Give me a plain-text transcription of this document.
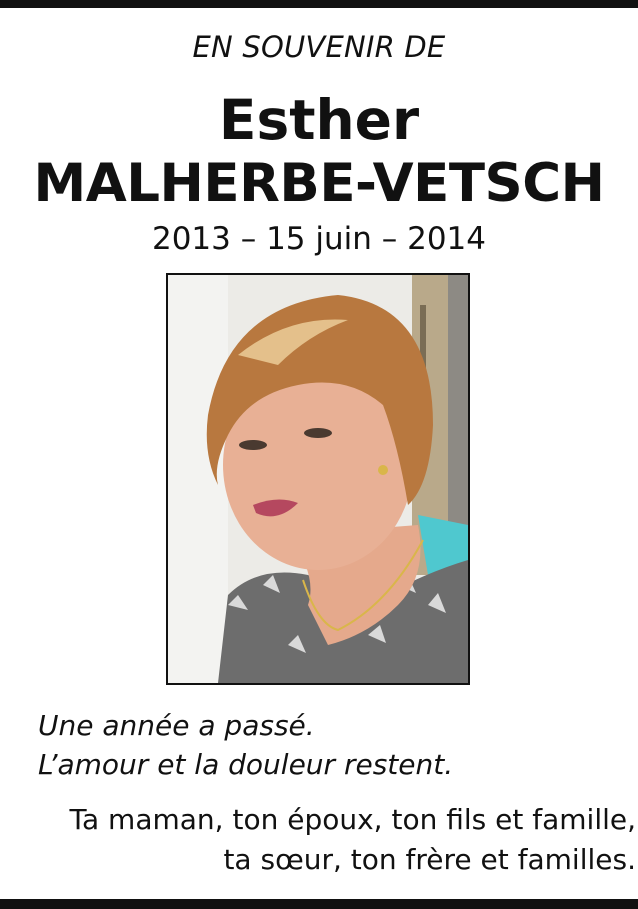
EN SOUVENIR DE
Esther
MALHERBE-VETSCH
2013 – 15 juin – 2014
Une année a passé.
L’amour et la douleur restent.
Ta maman, ton époux, ton fils et famille,
ta sœur, ton frère et familles.
